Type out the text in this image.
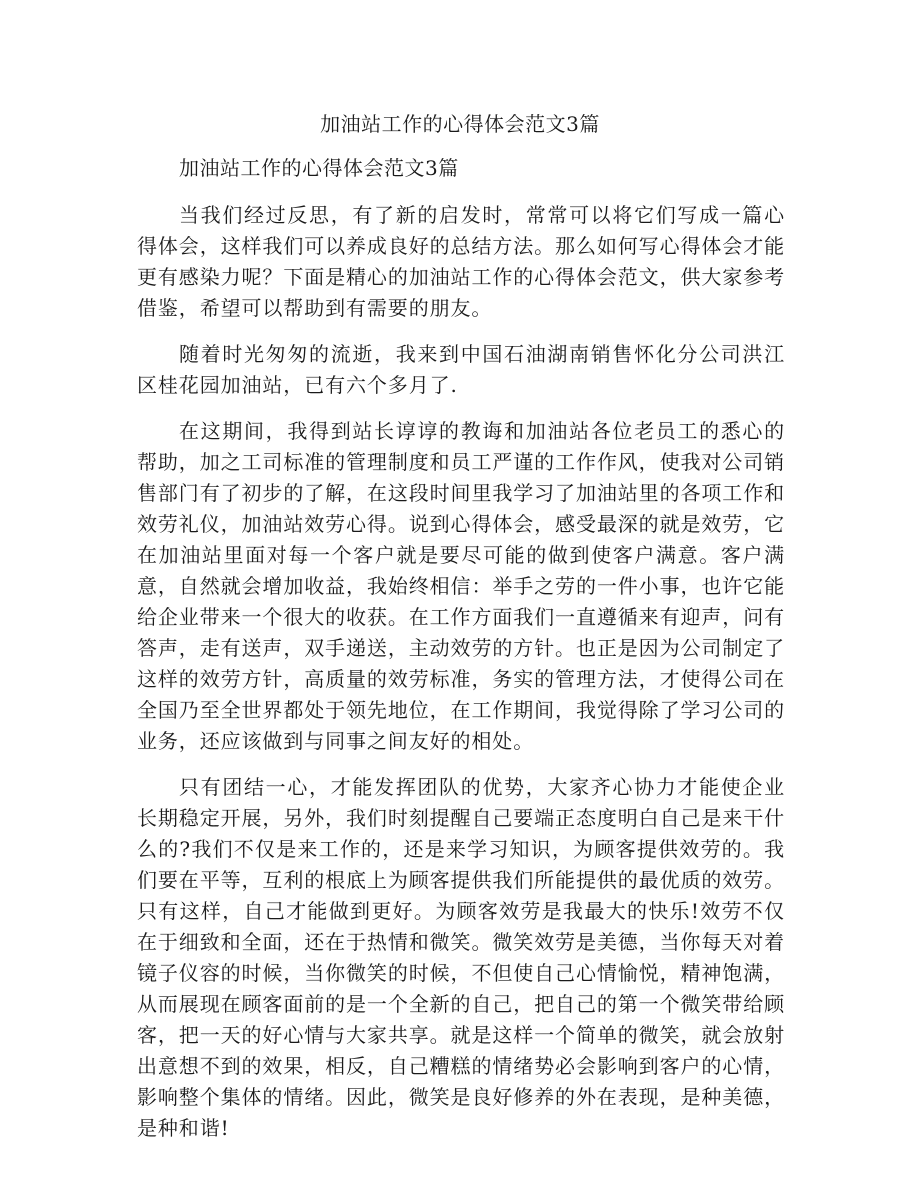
加油站工作的心得体会范文3篇

加油站工作的心得体会范文3篇

当我们经过反思，有了新的启发时，常常可以将它们写成一篇心得体会，这样我们可以养成良好的总结方法。那么如何写心得体会才能更有感染力呢？下面是精心的加油站工作的心得体会范文，供大家参考借鉴，希望可以帮助到有需要的朋友。

随着时光匆匆的流逝，我来到中国石油湖南销售怀化分公司洪江区桂花园加油站，已有六个多月了.

在这期间，我得到站长谆谆的教诲和加油站各位老员工的悉心的帮助，加之工司标准的管理制度和员工严谨的工作作风，使我对公司销售部门有了初步的了解，在这段时间里我学习了加油站里的各项工作和效劳礼仪，加油站效劳心得。说到心得体会，感受最深的就是效劳，它在加油站里面对每一个客户就是要尽可能的做到使客户满意。客户满意，自然就会增加收益，我始终相信：举手之劳的一件小事，也许它能给企业带来一个很大的收获。在工作方面我们一直遵循来有迎声，问有答声，走有送声，双手递送，主动效劳的方针。也正是因为公司制定了这样的效劳方针，高质量的效劳标准，务实的管理方法，才使得公司在全国乃至全世界都处于领先地位，在工作期间，我觉得除了学习公司的业务，还应该做到与同事之间友好的相处。

只有团结一心，才能发挥团队的优势，大家齐心协力才能使企业长期稳定开展，另外，我们时刻提醒自己要端正态度明白自己是来干什么的?我们不仅是来工作的，还是来学习知识，为顾客提供效劳的。我们要在平等，互利的根底上为顾客提供我们所能提供的最优质的效劳。只有这样，自己才能做到更好。为顾客效劳是我最大的快乐!效劳不仅在于细致和全面，还在于热情和微笑。微笑效劳是美德，当你每天对着镜子仪容的时候，当你微笑的时候，不但使自己心情愉悦，精神饱满，从而展现在顾客面前的是一个全新的自己，把自己的第一个微笑带给顾客，把一天的好心情与大家共享。就是这样一个简单的微笑，就会放射出意想不到的效果，相反，自己糟糕的情绪势必会影响到客户的心情，影响整个集体的情绪。因此，微笑是良好修养的外在表现，是种美德，是种和谐!
